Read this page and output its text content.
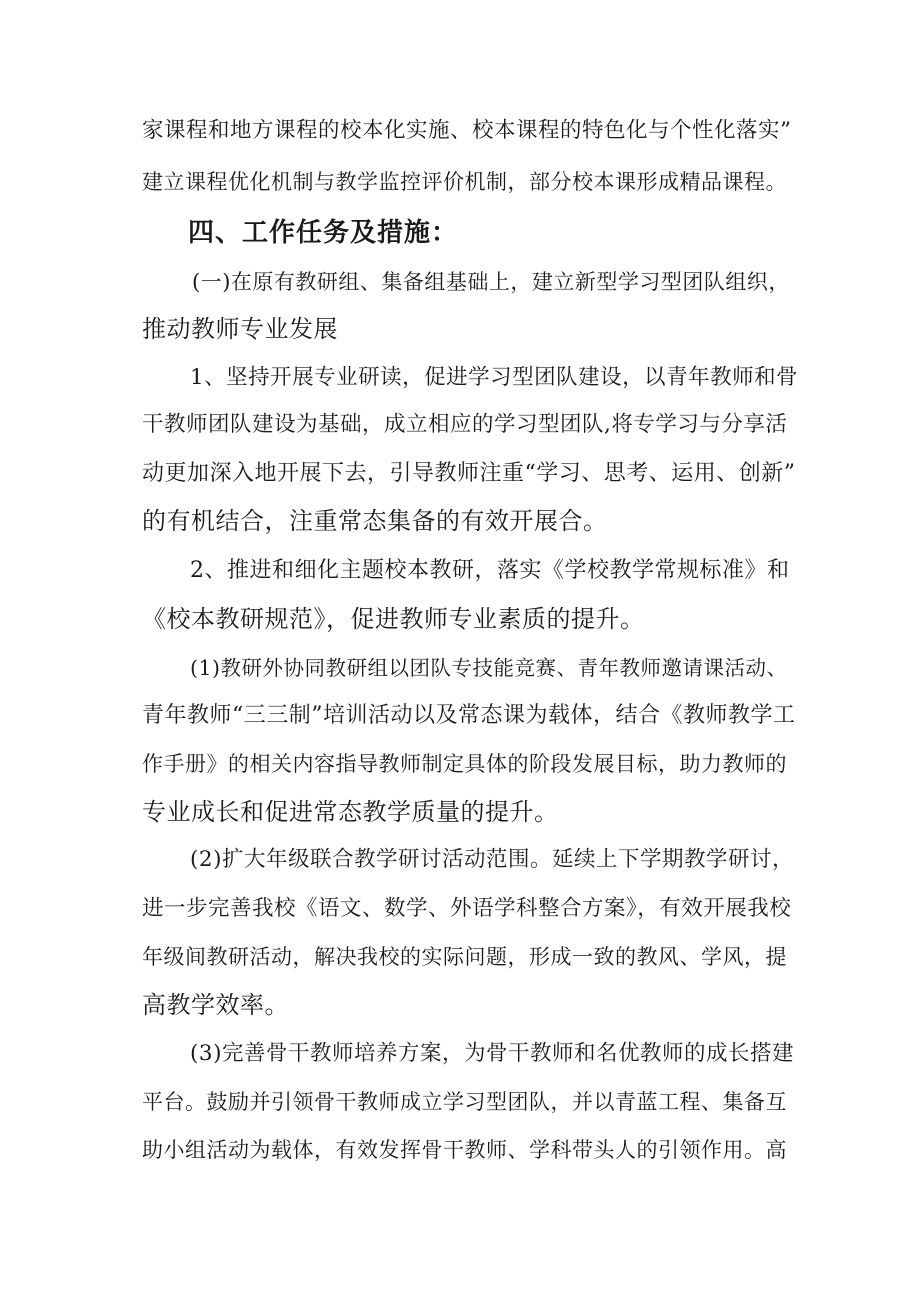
家课程和地方课程的校本化实施、校本课程的特色化与个性化落实”
建立课程优化机制与教学监控评价机制，部分校本课形成精品课程。
四、工作任务及措施：
(一)在原有教研组、集备组基础上，建立新型学习型团队组织，
推动教师专业发展
1、坚持开展专业研读，促进学习型团队建设，以青年教师和骨
干教师团队建设为基础，成立相应的学习型团队,将专学习与分享活
动更加深入地开展下去，引导教师注重“学习、思考、运用、创新”
的有机结合，注重常态集备的有效开展合。
2、推进和细化主题校本教研，落实《学校教学常规标准》和
《校本教研规范》，促进教师专业素质的提升。
(1)教研外协同教研组以团队专技能竞赛、青年教师邀请课活动、
青年教师“三三制”培训活动以及常态课为载体，结合《教师教学工
作手册》的相关内容指导教师制定具体的阶段发展目标，助力教师的
专业成长和促进常态教学质量的提升。
(2)扩大年级联合教学研讨活动范围。延续上下学期教学研讨，
进一步完善我校《语文、数学、外语学科整合方案》，有效开展我校
年级间教研活动，解决我校的实际问题，形成一致的教风、学风，提
高教学效率。
(3)完善骨干教师培养方案，为骨干教师和名优教师的成长搭建
平台。鼓励并引领骨干教师成立学习型团队，并以青蓝工程、集备互
助小组活动为载体，有效发挥骨干教师、学科带头人的引领作用。高
